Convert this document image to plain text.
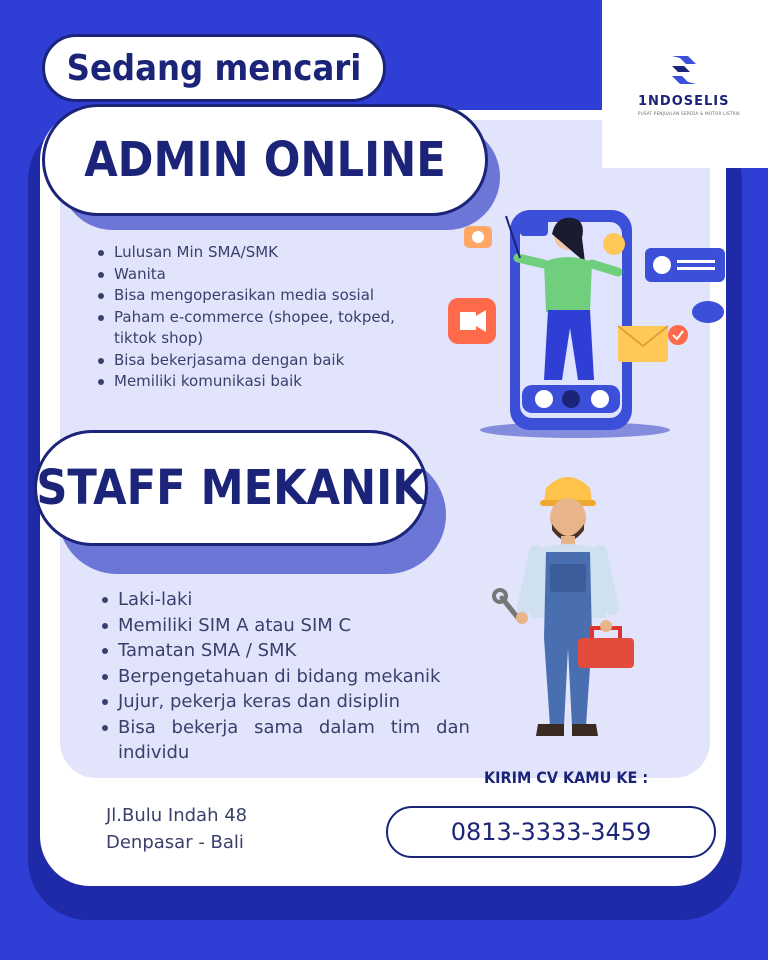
1NDOSELIS
PUSAT PENJUALAN SEPEDA & MOTOR LISTRIK
Sedang mencari
ADMIN ONLINE
Lulusan Min SMA/SMK
Wanita
Bisa mengoperasikan media sosial
Paham e-commerce (shopee, tokped, tiktok shop)
Bisa bekerjasama dengan baik
Memiliki komunikasi baik
STAFF MEKANIK
Laki-laki
Memiliki SIM A atau SIM C
Tamatan SMA / SMK
Berpengetahuan di bidang mekanik
Jujur, pekerja keras dan disiplin
Bisa bekerja sama dalam tim dan
individu
KIRIM CV KAMU KE :
Jl.Bulu Indah 48
Denpasar - Bali	0813-3333-3459
